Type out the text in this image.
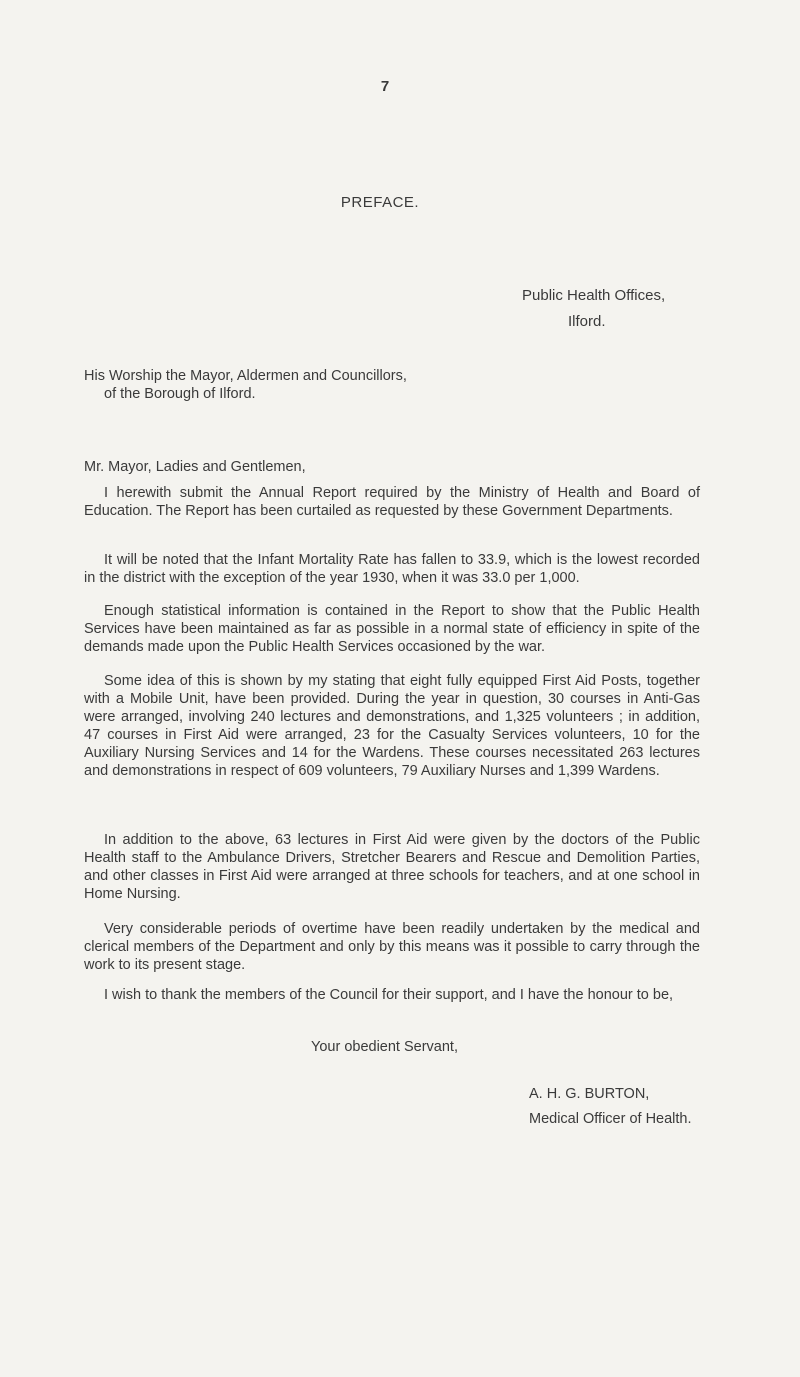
7
PREFACE.
Public Health Offices,
Ilford.
His Worship the Mayor, Aldermen and Councillors,
of the Borough of Ilford.
Mr. Mayor, Ladies and Gentlemen,

I herewith submit the Annual Report required by the Ministry of Health and Board of Education. The Report has been curtailed as requested by these Government Departments.

It will be noted that the Infant Mortality Rate has fallen to 33.9, which is the lowest recorded in the district with the exception of the year 1930, when it was 33.0 per 1,000.

Enough statistical information is contained in the Report to show that the Public Health Services have been maintained as far as possible in a normal state of efficiency in spite of the demands made upon the Public Health Services occasioned by the war.

Some idea of this is shown by my stating that eight fully equipped First Aid Posts, together with a Mobile Unit, have been provided. During the year in question, 30 courses in Anti-Gas were arranged, involving 240 lectures and demonstrations, and 1,325 volunteers ; in addition, 47 courses in First Aid were arranged, 23 for the Casualty Services volunteers, 10 for the Auxiliary Nursing Services and 14 for the Wardens. These courses necessitated 263 lectures and demonstrations in respect of 609 volunteers, 79 Auxiliary Nurses and 1,399 Wardens.

In addition to the above, 63 lectures in First Aid were given by the doctors of the Public Health staff to the Ambulance Drivers, Stretcher Bearers and Rescue and Demolition Parties, and other classes in First Aid were arranged at three schools for teachers, and at one school in Home Nursing.

Very considerable periods of overtime have been readily undertaken by the medical and clerical members of the Department and only by this means was it possible to carry through the work to its present stage.

I wish to thank the members of the Council for their support, and I have the honour to be,

Your obedient Servant,
A. H. G. BURTON,
Medical Officer of Health.
